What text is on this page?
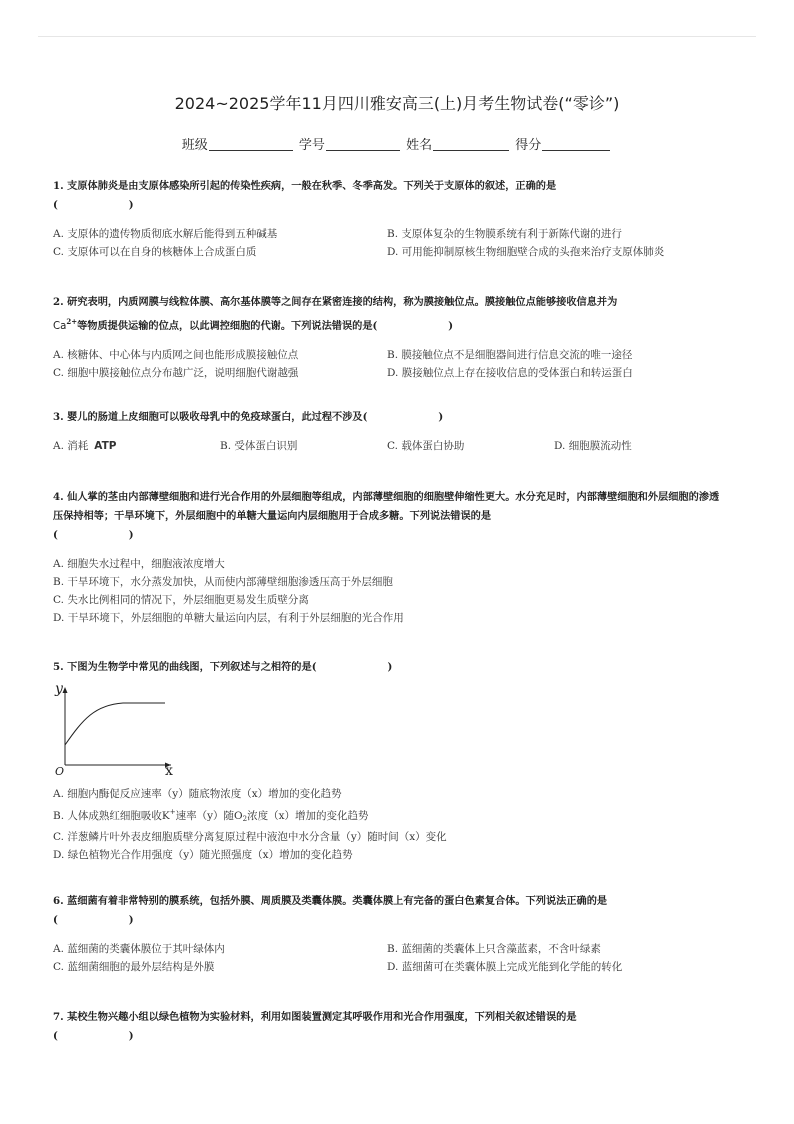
2024~2025学年11月四川雅安高三(上)月考生物试卷(“零诊”)
班级	学号	姓名	得分

1. 支原体肺炎是由支原体感染所引起的传染性疾病，一般在秋季、冬季高发。下列关于支原体的叙述，正确的是
(                    )

A. 支原体的遗传物质彻底水解后能得到五种碱基	B. 支原体复杂的生物膜系统有利于新陈代谢的进行
C. 支原体可以在自身的核糖体上合成蛋白质	D. 可用能抑制原核生物细胞壁合成的头孢来治疗支原体肺炎

2. 研究表明，内质网膜与线粒体膜、高尔基体膜等之间存在紧密连接的结构，称为膜接触位点。膜接触位点能够接收信息并为
$Ca^{2+}$等物质提供运输的位点，以此调控细胞的代谢。下列说法错误的是(                    )

A. 核糖体、中心体与内质网之间也能形成膜接触位点	B. 膜接触位点不是细胞器间进行信息交流的唯一途径
C. 细胞中膜接触位点分布越广泛，说明细胞代谢越强	D. 膜接触位点上存在接收信息的受体蛋白和转运蛋白

3. 婴儿的肠道上皮细胞可以吸收母乳中的免疫球蛋白，此过程不涉及(                    )

A. 消耗 ATP	B. 受体蛋白识别	C. 载体蛋白协助	D. 细胞膜流动性

4. 仙人掌的茎由内部薄壁细胞和进行光合作用的外层细胞等组成，内部薄壁细胞的细胞壁伸缩性更大。水分充足时，内部薄壁细胞和外层细胞的渗透压保持相等；干旱环境下，外层细胞中的单糖大量运向内层细胞用于合成多糖。下列说法错误的是
(                    )

A. 细胞失水过程中，细胞液浓度增大
B. 干旱环境下，水分蒸发加快，从而使内部薄壁细胞渗透压高于外层细胞
C. 失水比例相同的情况下，外层细胞更易发生质壁分离
D. 干旱环境下，外层细胞的单糖大量运向内层，有利于外层细胞的光合作用

5. 下图为生物学中常见的曲线图，下列叙述与之相符的是(                    )

y
x
O
A. 细胞内酶促反应速率（y）随底物浓度（x）增加的变化趋势
B. 人体成熟红细胞吸收K+速率（y）随$O_2$浓度（x）增加的变化趋势
C. 洋葱鳞片叶外表皮细胞质壁分离复原过程中液泡中水分含量（y）随时间（x）变化
D. 绿色植物光合作用强度（y）随光照强度（x）增加的变化趋势

6. 蓝细菌有着非常特别的膜系统，包括外膜、周质膜及类囊体膜。类囊体膜上有完备的蛋白色素复合体。下列说法正确的是
(                    )

A. 蓝细菌的类囊体膜位于其叶绿体内	B. 蓝细菌的类囊体上只含藻蓝素，不含叶绿素
C. 蓝细菌细胞的最外层结构是外膜	D. 蓝细菌可在类囊体膜上完成光能到化学能的转化

7. 某校生物兴趣小组以绿色植物为实验材料，利用如图装置测定其呼吸作用和光合作用强度，下列相关叙述错误的是
(                    )
